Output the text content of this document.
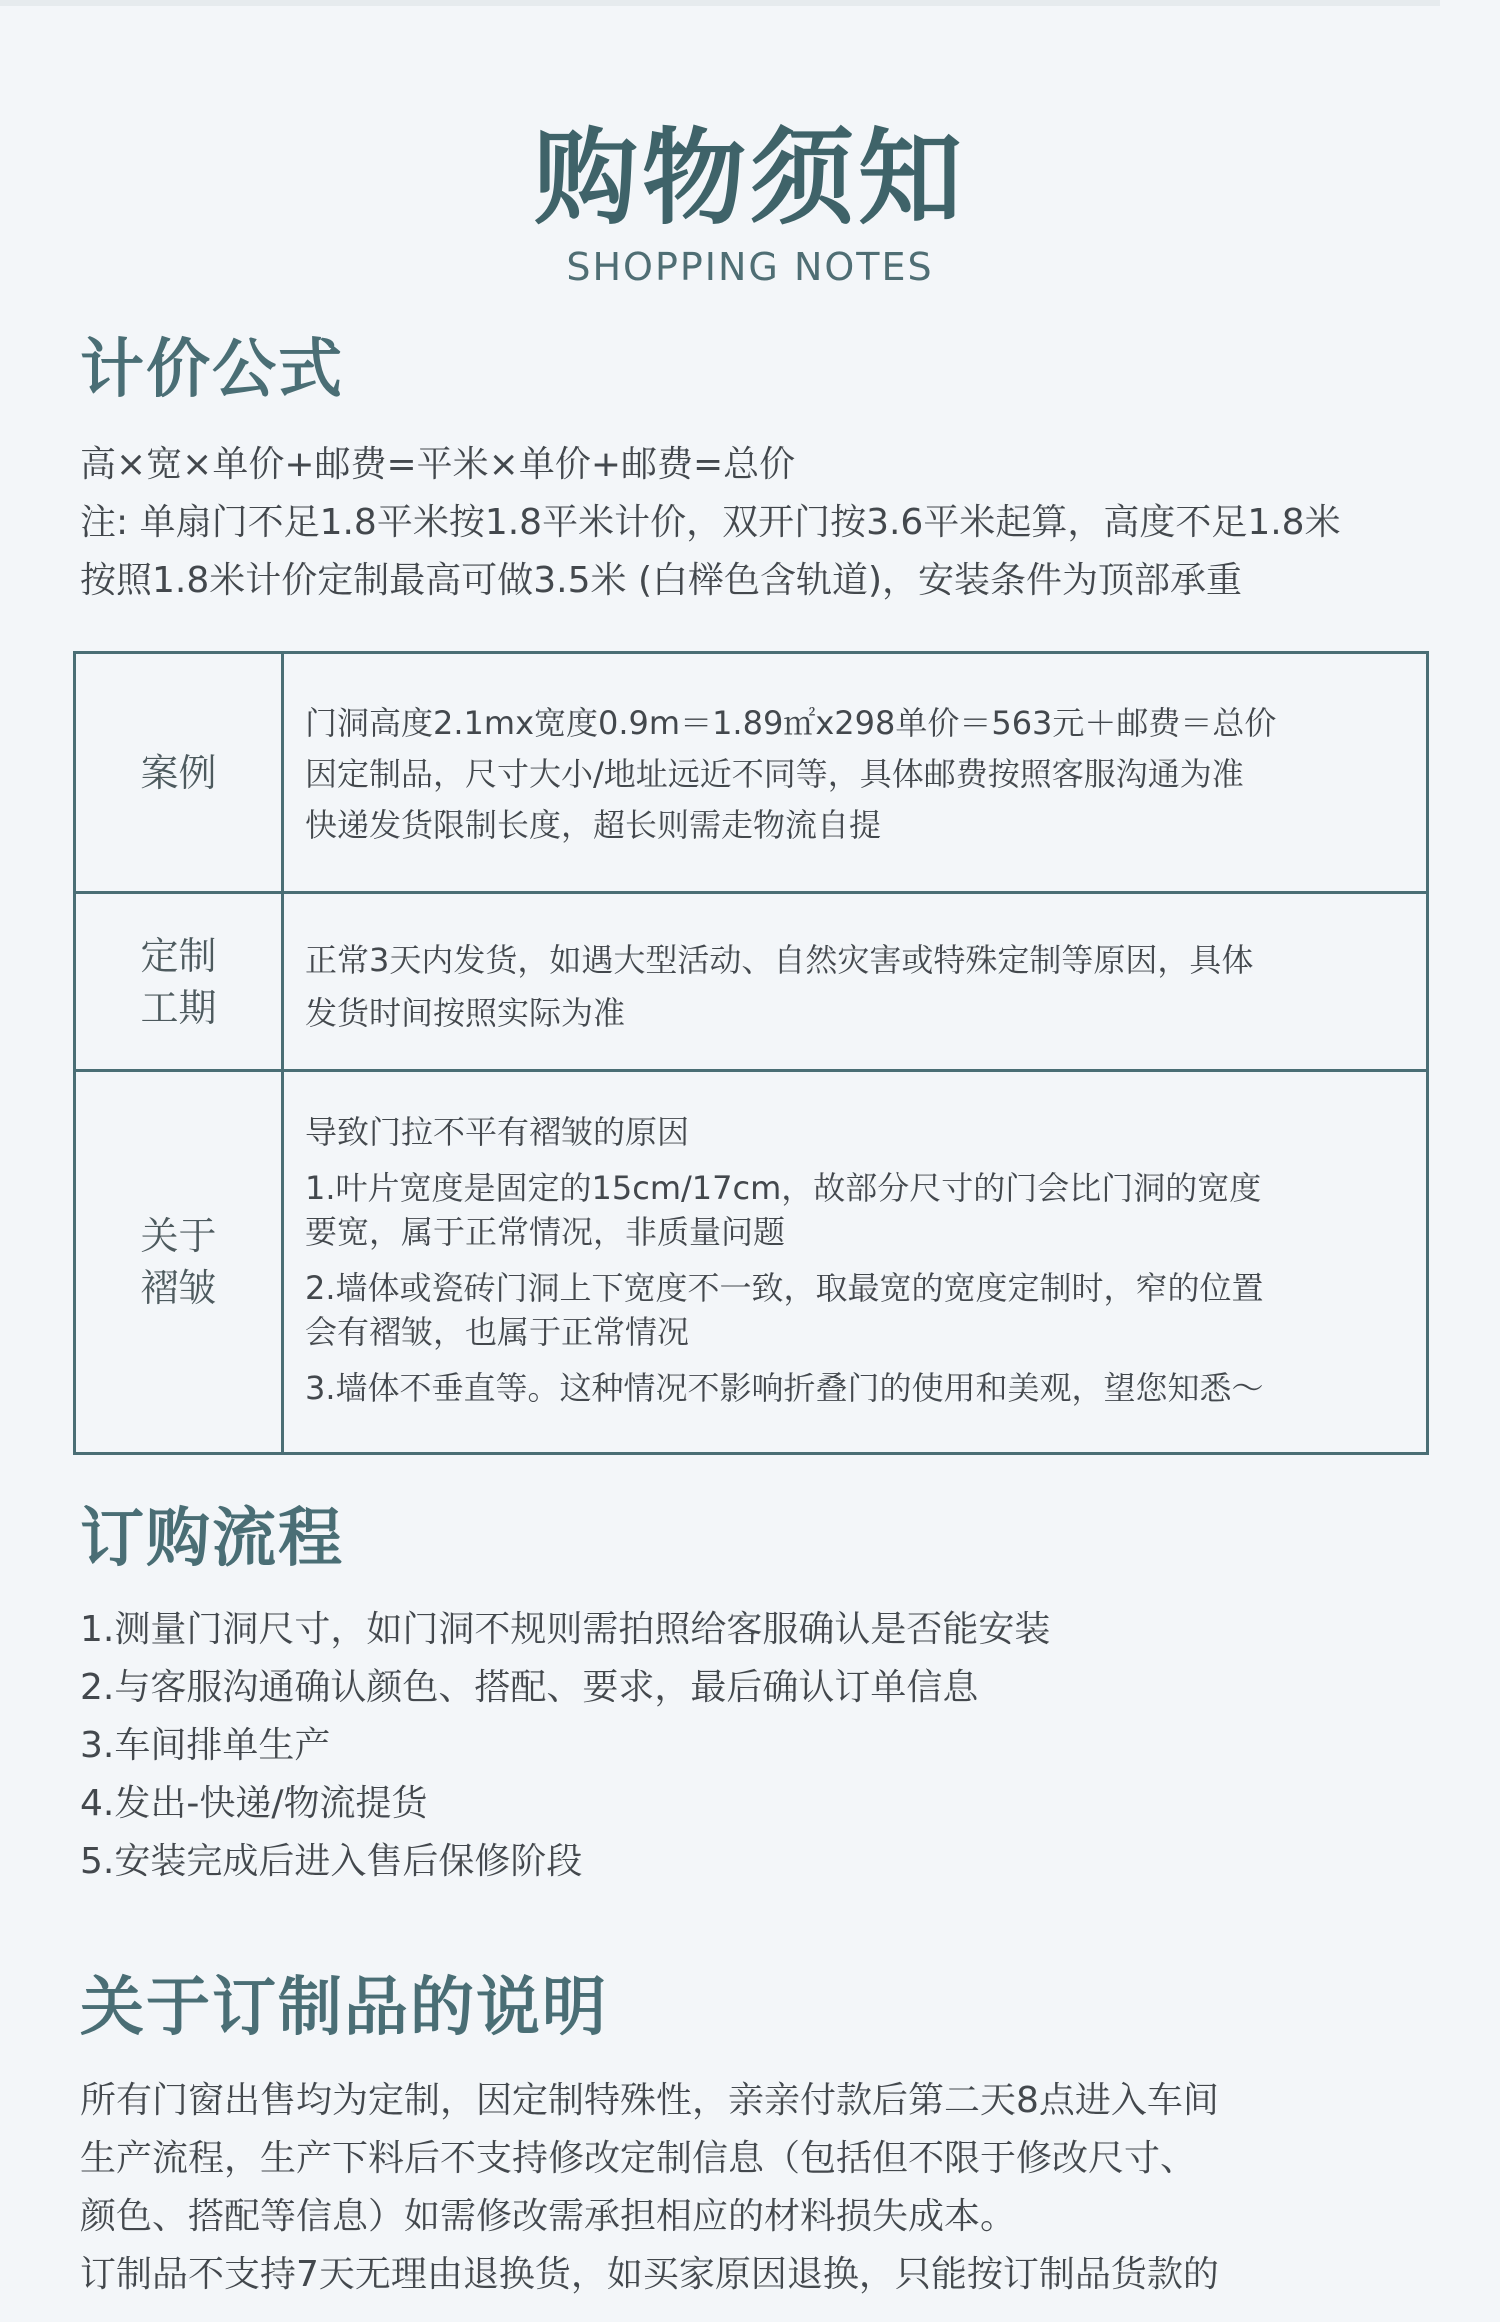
购物须知
SHOPPING NOTES
计价公式
高×宽×单价+邮费=平米×单价+邮费=总价
注: 单扇门不足1.8平米按1.8平米计价，双开门按3.6平米起算，高度不足1.8米
按照1.8米计价定制最高可做3.5米 (白榉色含轨道)，安装条件为顶部承重
案例
门洞高度2.1mx宽度0.9m＝1.89㎡x298单价＝563元＋邮费＝总价
因定制品，尺寸大小/地址远近不同等，具体邮费按照客服沟通为准
快递发货限制长度，超长则需走物流自提
定制
工期
正常3天内发货，如遇大型活动、自然灾害或特殊定制等原因，具体
发货时间按照实际为准
关于
褶皱
导致门拉不平有褶皱的原因
1.叶片宽度是固定的15cm/17cm，故部分尺寸的门会比门洞的宽度
要宽，属于正常情况，非质量问题
2.墙体或瓷砖门洞上下宽度不一致，取最宽的宽度定制时，窄的位置
会有褶皱，也属于正常情况
3.墙体不垂直等。这种情况不影响折叠门的使用和美观，望您知悉～
订购流程
1.测量门洞尺寸，如门洞不规则需拍照给客服确认是否能安装
2.与客服沟通确认颜色、搭配、要求，最后确认订单信息
3.车间排单生产
4.发出-快递/物流提货
5.安装完成后进入售后保修阶段
关于订制品的说明
所有门窗出售均为定制，因定制特殊性，亲亲付款后第二天8点进入车间
生产流程，生产下料后不支持修改定制信息（包括但不限于修改尺寸、
颜色、搭配等信息）如需修改需承担相应的材料损失成本。
订制品不支持7天无理由退换货，如买家原因退换，只能按订制品货款的
